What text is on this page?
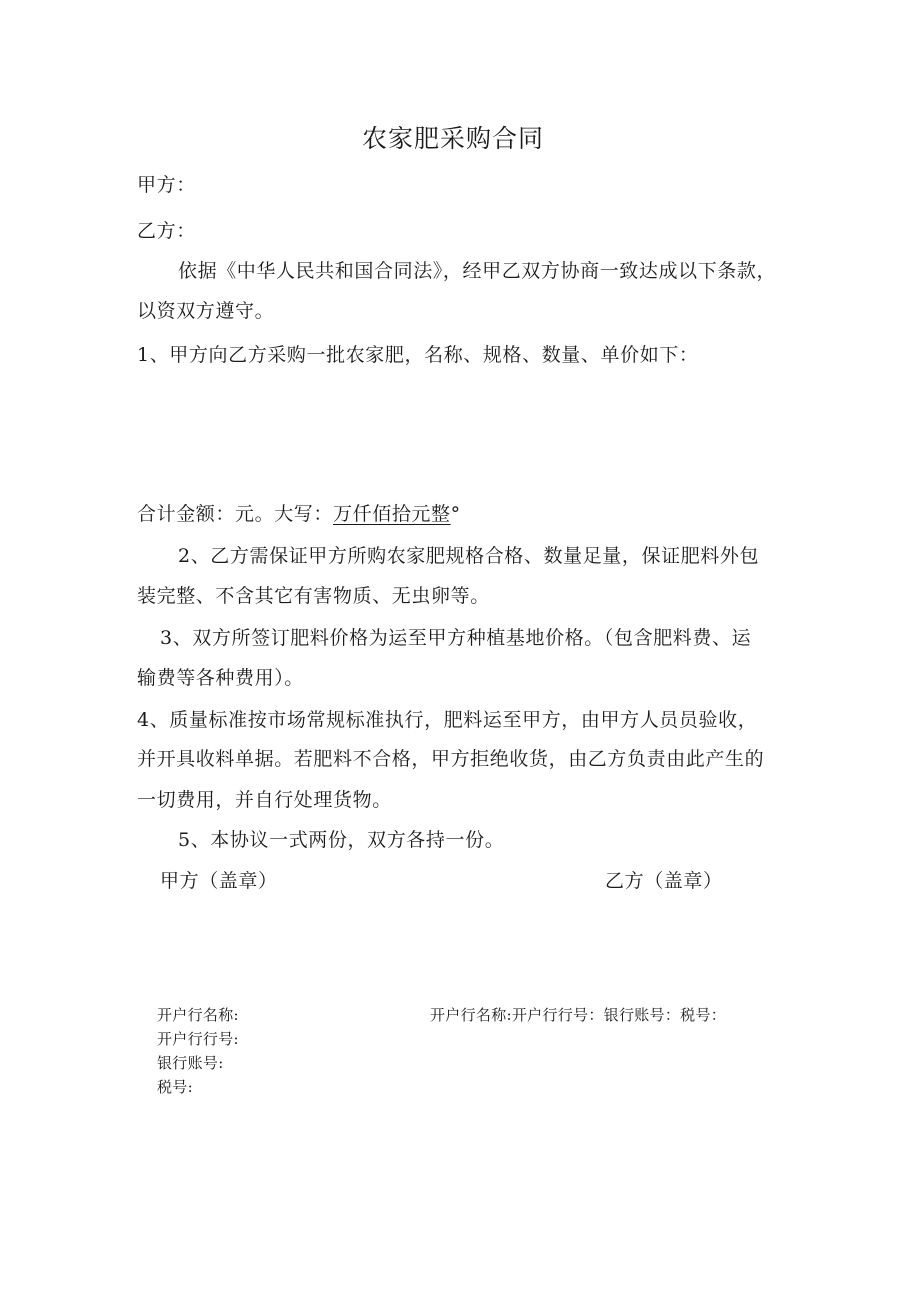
农家肥采购合同
甲方：
乙方：
依据《中华人民共和国合同法》，经甲乙双方协商一致达成以下条款，
以资双方遵守。
1、甲方向乙方采购一批农家肥，名称、规格、数量、单价如下：
合计金额：元。大写：万仟佰拾元整°
2、乙方需保证甲方所购农家肥规格合格、数量足量，保证肥料外包
装完整、不含其它有害物质、无虫卵等。
3、双方所签订肥料价格为运至甲方种植基地价格。（包含肥料费、运
输费等各种费用）。
4、质量标准按市场常规标准执行，肥料运至甲方，由甲方人员员验收，
并开具收料单据。若肥料不合格，甲方拒绝收货，由乙方负责由此产生的
一切费用，并自行处理货物。
5、本协议一式两份，双方各持一份。
甲方（盖章）	乙方（盖章）
开户行名称:
开户行行号:
银行账号:
税号:
开户行名称:开户行行号：银行账号：税号：
